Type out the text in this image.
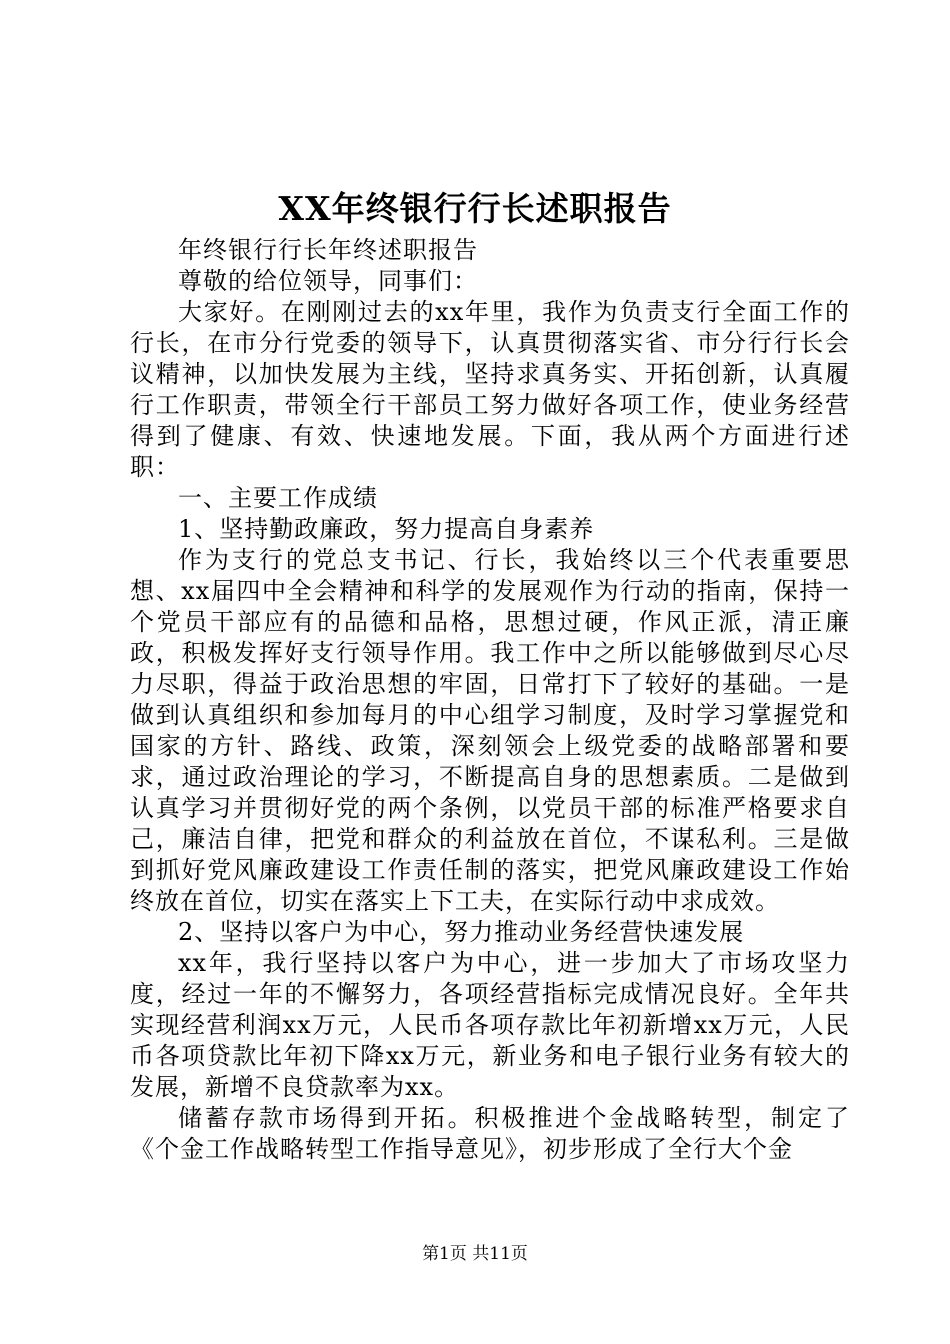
XX年终银行行长述职报告

年终银行行长年终述职报告

尊敬的给位领导，同事们：

大家好。在刚刚过去的xx年里，我作为负责支行全面工作的行长，在市分行党委的领导下，认真贯彻落实省、市分行行长会议精神，以加快发展为主线，坚持求真务实、开拓创新，认真履行工作职责，带领全行干部员工努力做好各项工作，使业务经营得到了健康、有效、快速地发展。下面，我从两个方面进行述职：

一、主要工作成绩

1、坚持勤政廉政，努力提高自身素养

作为支行的党总支书记、行长，我始终以三个代表重要思想、xx届四中全会精神和科学的发展观作为行动的指南，保持一个党员干部应有的品德和品格，思想过硬，作风正派，清正廉政，积极发挥好支行领导作用。我工作中之所以能够做到尽心尽力尽职，得益于政治思想的牢固，日常打下了较好的基础。一是做到认真组织和参加每月的中心组学习制度，及时学习掌握党和国家的方针、路线、政策，深刻领会上级党委的战略部署和要求，通过政治理论的学习，不断提高自身的思想素质。二是做到认真学习并贯彻好党的两个条例，以党员干部的标准严格要求自己，廉洁自律，把党和群众的利益放在首位，不谋私利。三是做到抓好党风廉政建设工作责任制的落实，把党风廉政建设工作始终放在首位，切实在落实上下工夫，在实际行动中求成效。

2、坚持以客户为中心，努力推动业务经营快速发展

xx年，我行坚持以客户为中心，进一步加大了市场攻坚力度，经过一年的不懈努力，各项经营指标完成情况良好。全年共实现经营利润xx万元，人民币各项存款比年初新增xx万元，人民币各项贷款比年初下降xx万元，新业务和电子银行业务有较大的发展，新增不良贷款率为xx。

储蓄存款市场得到开拓。积极推进个金战略转型，制定了《个金工作战略转型工作指导意见》，初步形成了全行大个金

第1页 共11页
